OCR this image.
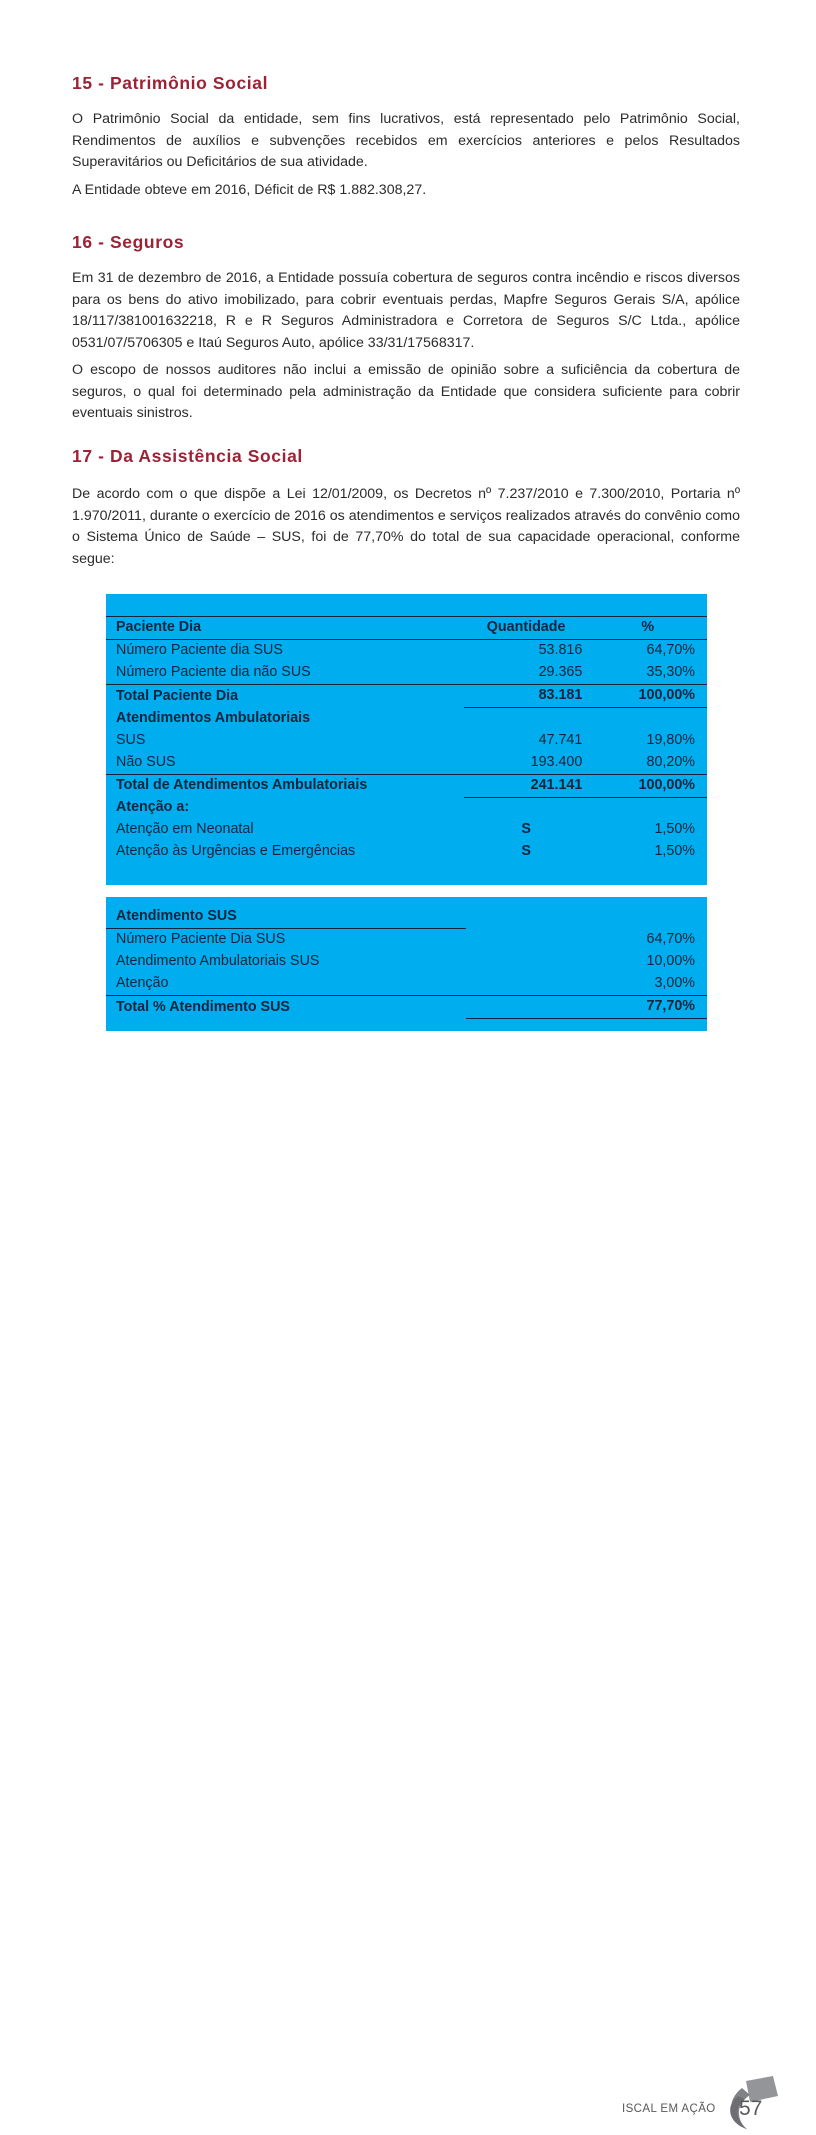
15 - Patrimônio Social
O Patrimônio Social da entidade, sem fins lucrativos, está representado pelo Patrimônio Social, Rendimentos de auxílios e subvenções recebidos em exercícios anteriores e pelos Resultados Superavitários ou Deficitários de sua atividade.
A Entidade obteve em 2016, Déficit de R$ 1.882.308,27.
16 - Seguros
Em 31 de dezembro de 2016, a Entidade possuía cobertura de seguros contra incêndio e riscos diversos para os bens do ativo imobilizado, para cobrir eventuais perdas, Mapfre Seguros Gerais S/A, apólice 18/117/381001632218, R e R Seguros Administradora e Corretora de Seguros S/C Ltda., apólice 0531/07/5706305 e Itaú Seguros Auto, apólice 33/31/17568317.
O escopo de nossos auditores não inclui a emissão de opinião sobre a suficiência da cobertura de seguros, o qual foi determinado pela administração da Entidade que considera suficiente para cobrir eventuais sinistros.
17 - Da Assistência Social
De acordo com o que dispõe a Lei 12/01/2009, os Decretos nº 7.237/2010 e 7.300/2010, Portaria nº 1.970/2011, durante o exercício de 2016 os atendimentos e serviços realizados através do convênio como o Sistema Único de Saúde – SUS, foi de 77,70% do total de sua capacidade operacional, conforme segue:

Paciente Dia	Quantidade	%
Número Paciente dia SUS	53.816	64,70%
Número Paciente dia não SUS	29.365	35,30%
Total Paciente Dia	83.181	100,00%
Atendimentos Ambulatoriais		
SUS	47.741	19,80%
Não SUS	193.400	80,20%
Total de Atendimentos Ambulatoriais	241.141	100,00%
Atenção a:		
Atenção em Neonatal	S	1,50%
Atenção às Urgências e Emergências	S	1,50%

Atendimento SUS		
Número Paciente Dia SUS		64,70%
Atendimento Ambulatoriais SUS		10,00%
Atenção		3,00%
Total % Atendimento SUS		77,70%
ISCAL EM AÇÃO 57
